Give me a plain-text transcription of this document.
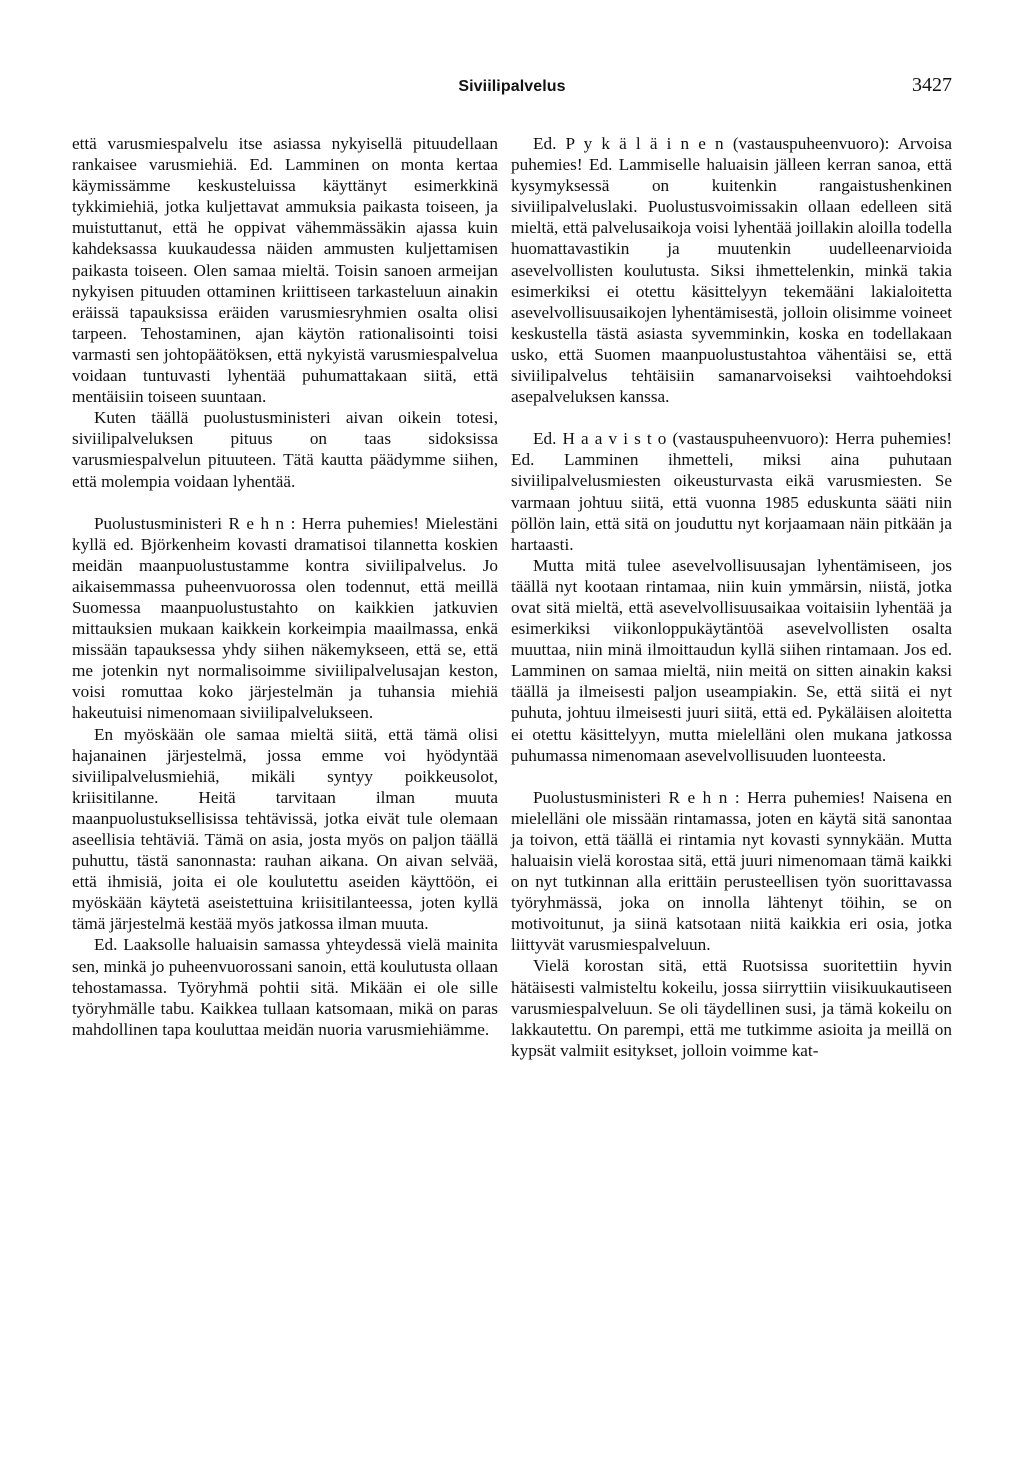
Siviilipalvelus	3427

että varusmiespalvelu itse asiassa nykyisellä pituudellaan rankaisee varusmiehiä. Ed. Lamminen on monta kertaa käymissämme keskusteluissa käyttänyt esimerkkinä tykkimiehiä, jotka kuljettavat ammuksia paikasta toiseen, ja muistuttanut, että he oppivat vähemmässäkin ajassa kuin kahdeksassa kuukaudessa näiden ammusten kuljettamisen paikasta toiseen. Olen samaa mieltä. Toisin sanoen armeijan nykyisen pituuden ottaminen kriittiseen tarkasteluun ainakin eräissä tapauksissa eräiden varusmiesryhmien osalta olisi tarpeen. Tehostaminen, ajan käytön rationalisointi toisi varmasti sen johtopäätöksen, että nykyistä varusmiespalvelua voidaan tuntuvasti lyhentää puhumattakaan siitä, että mentäisiin toiseen suuntaan.

Kuten täällä puolustusministeri aivan oikein totesi, siviilipalveluksen pituus on taas sidoksissa varusmiespalvelun pituuteen. Tätä kautta päädymme siihen, että molempia voidaan lyhentää.

Puolustusministeri R e h n : Herra puhemies! Mielestäni kyllä ed. Björkenheim kovasti dramatisoi tilannetta koskien meidän maanpuolustustamme kontra siviilipalvelus. Jo aikaisemmassa puheenvuorossa olen todennut, että meillä Suomessa maanpuolustustahto on kaikkien jatkuvien mittauksien mukaan kaikkein korkeimpia maailmassa, enkä missään tapauksessa yhdy siihen näkemykseen, että se, että me jotenkin nyt normalisoimme siviilipalvelusajan keston, voisi romuttaa koko järjestelmän ja tuhansia miehiä hakeutuisi nimenomaan siviilipalvelukseen.

En myöskään ole samaa mieltä siitä, että tämä olisi hajanainen järjestelmä, jossa emme voi hyödyntää siviilipalvelusmiehiä, mikäli syntyy poikkeusolot, kriisitilanne. Heitä tarvitaan ilman muuta maanpuolustuksellisissa tehtävissä, jotka eivät tule olemaan aseellisia tehtäviä. Tämä on asia, josta myös on paljon täällä puhuttu, tästä sanonnasta: rauhan aikana. On aivan selvää, että ihmisiä, joita ei ole koulutettu aseiden käyttöön, ei myöskään käytetä aseistettuina kriisitilanteessa, joten kyllä tämä järjestelmä kestää myös jatkossa ilman muuta.

Ed. Laaksolle haluaisin samassa yhteydessä vielä mainita sen, minkä jo puheenvuorossani sanoin, että koulutusta ollaan tehostamassa. Työryhmä pohtii sitä. Mikään ei ole sille työryhmälle tabu. Kaikkea tullaan katsomaan, mikä on paras mahdollinen tapa kouluttaa meidän nuoria varusmiehiämme.

Ed. P y k ä l ä i n e n (vastauspuheenvuoro): Arvoisa puhemies! Ed. Lammiselle haluaisin jälleen kerran sanoa, että kysymyksessä on kuitenkin rangaistushenkinen siviilipalveluslaki. Puolustusvoimissakin ollaan edelleen sitä mieltä, että palvelusaikoja voisi lyhentää joillakin aloilla todella huomattavastikin ja muutenkin uudelleenarvioida asevelvollisten koulutusta. Siksi ihmettelenkin, minkä takia esimerkiksi ei otettu käsittelyyn tekemääni lakialoitetta asevelvollisuusaikojen lyhentämisestä, jolloin olisimme voineet keskustella tästä asiasta syvemminkin, koska en todellakaan usko, että Suomen maanpuolustustahtoa vähentäisi se, että siviilipalvelus tehtäisiin samanarvoiseksi vaihtoehdoksi asepalveluksen kanssa.

Ed. H a a v i s t o (vastauspuheenvuoro): Herra puhemies! Ed. Lamminen ihmetteli, miksi aina puhutaan siviilipalvelusmiesten oikeusturvasta eikä varusmiesten. Se varmaan johtuu siitä, että vuonna 1985 eduskunta sääti niin pöllön lain, että sitä on jouduttu nyt korjaamaan näin pitkään ja hartaasti.

Mutta mitä tulee asevelvollisuusajan lyhentämiseen, jos täällä nyt kootaan rintamaa, niin kuin ymmärsin, niistä, jotka ovat sitä mieltä, että asevelvollisuusaikaa voitaisiin lyhentää ja esimerkiksi viikonloppukäytäntöä asevelvollisten osalta muuttaa, niin minä ilmoittaudun kyllä siihen rintamaan. Jos ed. Lamminen on samaa mieltä, niin meitä on sitten ainakin kaksi täällä ja ilmeisesti paljon useampiakin. Se, että siitä ei nyt puhuta, johtuu ilmeisesti juuri siitä, että ed. Pykäläisen aloitetta ei otettu käsittelyyn, mutta mielelläni olen mukana jatkossa puhumassa nimenomaan asevelvollisuuden luonteesta.

Puolustusministeri R e h n : Herra puhemies! Naisena en mielelläni ole missään rintamassa, joten en käytä sitä sanontaa ja toivon, että täällä ei rintamia nyt kovasti synnykään. Mutta haluaisin vielä korostaa sitä, että juuri nimenomaan tämä kaikki on nyt tutkinnan alla erittäin perusteellisen työn suorittavassa työryhmässä, joka on innolla lähtenyt töihin, se on motivoitunut, ja siinä katsotaan niitä kaikkia eri osia, jotka liittyvät varusmiespalveluun.

Vielä korostan sitä, että Ruotsissa suoritettiin hyvin hätäisesti valmisteltu kokeilu, jossa siirryttiin viisikuukautiseen varusmiespalveluun. Se oli täydellinen susi, ja tämä kokeilu on lakkautettu. On parempi, että me tutkimme asioita ja meillä on kypsät valmiit esitykset, jolloin voimme kat-
